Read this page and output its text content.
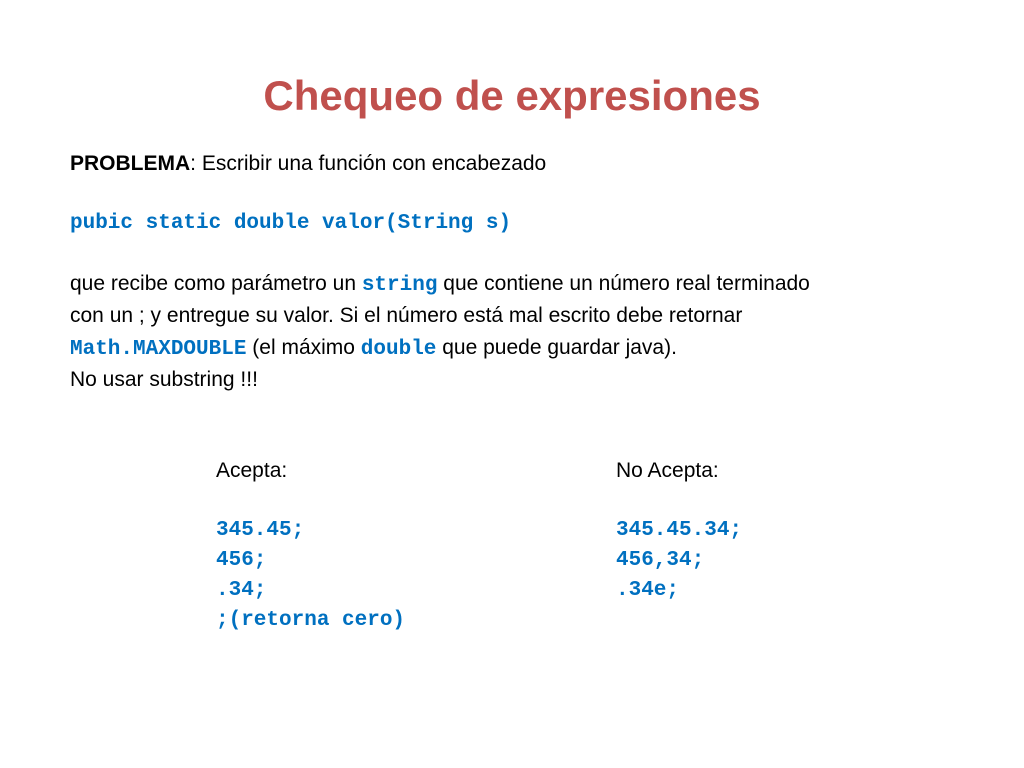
Chequeo de expresiones
PROBLEMA: Escribir una función con encabezado
pubic static double valor(String s)
que recibe como parámetro un string que contiene un número real terminado
con un ; y entregue su valor. Si el número está mal escrito debe retornar
Math.MAXDOUBLE (el máximo double que puede guardar java).
No usar substring !!!
Acepta:
345.45;
456;
.34;
;(retorna cero)
No Acepta:
345.45.34;
456,34;
.34e;
